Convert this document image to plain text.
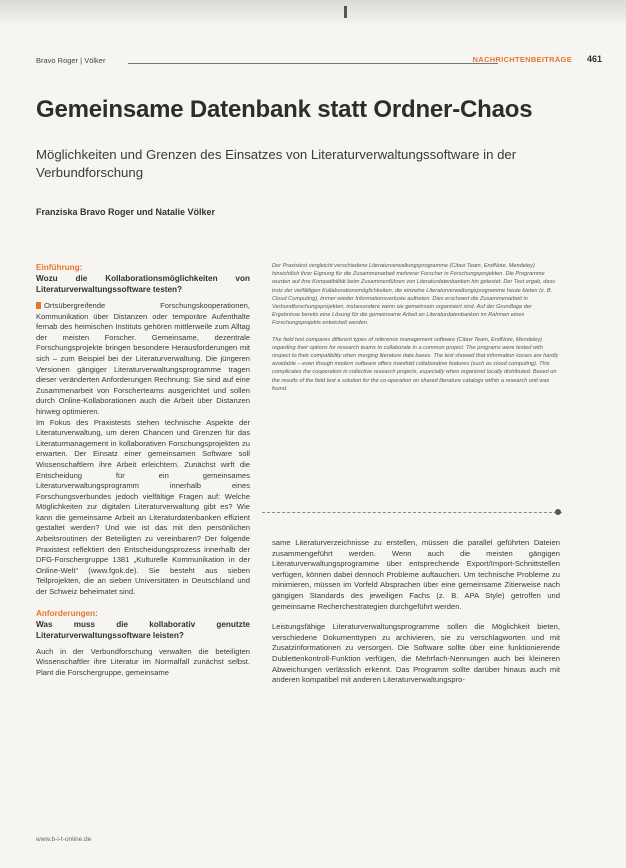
Bravo Roger | Völker	NACHRICHTENBEITRÄGE 461
Gemeinsame Datenbank statt Ordner-Chaos

Möglichkeiten und Grenzen des Einsatzes von Literaturverwaltungssoftware in der Verbundforschung

Franziska Bravo Roger und Natalie Völker

Der Praxistest vergleicht verschiedene Literaturverwaltungsprogramme (Citavi Team, EndNote, Mendeley) hinsichtlich ihrer Eignung für die Zusammenarbeit mehrerer Forscher in Forschungsprojekten. Die Programme wurden auf ihre Kompatibilität beim Zusammenführen von Literaturdatenbanken hin getestet. Der Test ergab, dass trotz der vielfältigen Kollaborationsmöglichkeiten, die einzelne Literaturverwaltungsprogramme heute bieten (z. B. Cloud Computing), immer wieder Informationsverluste auftreten. Dies erschwert die Zusammenarbeit in Verbundforschungsprojekten, insbesondere wenn sie gemeinsam organisiert sind. Auf der Grundlage der Ergebnisse bereits eine Lösung für die gemeinsame Arbeit an Literaturdatenbanken im Rahmen eines Forschungsprojekts entwickelt werden.

The field test compares different types of reference management software (Citavi Team, EndNote, Mendeley) regarding their options for research teams to collaborate in a common project. The programs were tested with respect to their compatibility when merging literature data bases. The test showed that information losses are hardly avoidable – even though modern software offers manifold collaborative features (such as cloud computing). This complicates the cooperation in collective research projects, especially when organized locally distributed. Based on the results of the field test a solution for the co-operation on shared literature catalogs within a research unit was found.

Einführung:
Wozu die Kollaborationsmöglichkeiten von Literaturverwaltungssoftware testen?

Ortsübergreifende Forschungskooperationen, Kommunikation über Distanzen oder temporäre Aufenthalte fernab des heimischen Instituts gehören mittlerweile zum Alltag der meisten Forscher. Gemeinsame, dezentrale Forschungsprojekte bringen besondere Herausforderungen mit sich – zum Beispiel bei der Literaturverwaltung. Die jüngeren Versionen gängiger Literaturverwaltungsprogramme tragen dieser veränderten Anforderungen Rechnung: Sie sind auf eine Zusammenarbeit von Forscherteams ausgerichtet und sollen durch Online-Kollaborationen auch die Arbeit über Distanzen hinweg optimieren.

Im Fokus des Praxistests stehen technische Aspekte der Literaturverwaltung, um deren Chancen und Grenzen für das Literaturmanagement in kollaborativen Forschungsprojekten zu erwarten. Der Einsatz einer gemeinsamen Software soll Wissenschaftlern ihre Arbeit erleichtern. Zunächst wirft die Entscheidung für ein gemeinsames Literaturverwaltungsprogramm innerhalb eines Forschungsverbundes jedoch vielfältige Fragen auf: Welche Möglichkeiten zur digitalen Literaturverwaltung gibt es? Wie kann die gemeinsame Arbeit an Literaturdatenbanken effizient gestaltet werden? Und wie ist das mit den persönlichen Arbeitsroutinen der Beteiligten zu vereinbaren? Der folgende Praxistest reflektiert den Entscheidungsprozess innerhalb der DFG-Forschergruppe 1381 „Kulturelle Kommunikation in der Online-Welt“ (www.fgok.de). Sie besteht aus sieben Teilprojekten, die an sieben Universitäten in Deutschland und der Schweiz beheimatet sind.

Anforderungen:
Was muss die kollaborativ genutzte Literaturverwaltungssoftware leisten?

Auch in der Verbundforschung verwalten die beteiligten Wissenschaftler ihre Literatur im Normalfall zunächst selbst. Plant die Forschergruppe, gemeinsame

same Literaturverzeichnisse zu erstellen, müssen die parallel geführten Dateien zusammengeführt werden. Wenn auch die meisten gängigen Literaturverwaltungsprogramme über entsprechende Export/Import-Schnittstellen verfügen, können dabei dennoch Probleme auftauchen. Um technische Probleme zu minimieren, müssen im Vorfeld Absprachen über eine gemeinsame Zitierweise nach gängigen Standards des jeweiligen Fachs (z. B. APA Style) getroffen und gemeinsame Recherchestrategien durchgeführt werden.

Leistungsfähige Literaturverwaltungsprogramme sollen die Möglichkeit bieten, verschiedene Dokumenttypen zu archivieren, sie zu verschlagworten und mit Zusatzinformationen zu versorgen. Die Software sollte über eine funktionierende Dublettenkontroll-Funktion verfügen, die Mehrfach-Nennungen auch bei kleineren Abweichungen verlässlich erkennt. Das Programm sollte darüber hinaus auch mit anderen kompatibel mit anderen Literaturverwaltungspro-

www.b-i-t-online.de
